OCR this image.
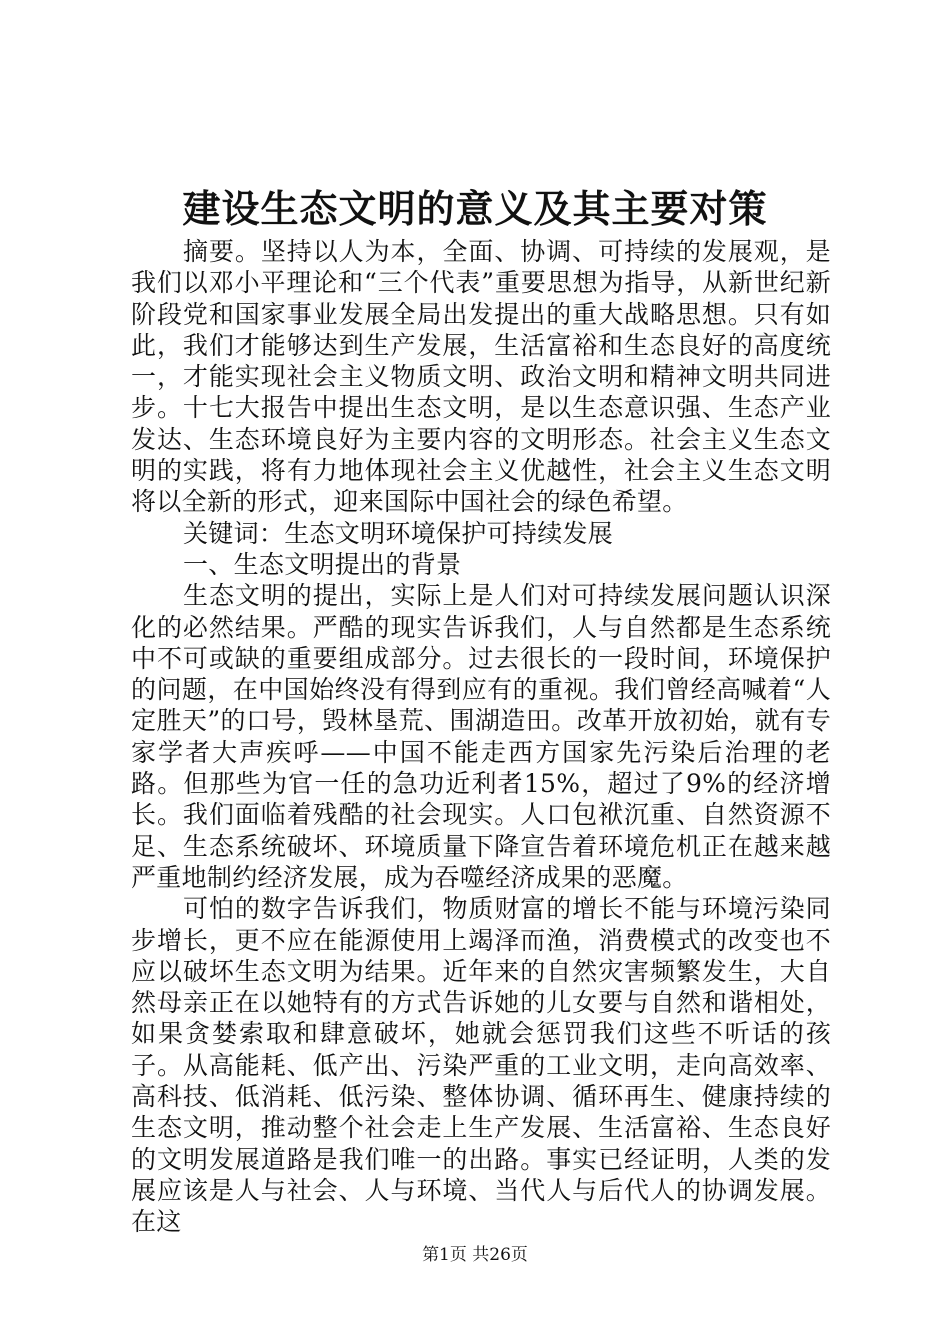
建设生态文明的意义及其主要对策

摘要。坚持以人为本，全面、协调、可持续的发展观，是我们以邓小平理论和“三个代表”重要思想为指导，从新世纪新阶段党和国家事业发展全局出发提出的重大战略思想。只有如此，我们才能够达到生产发展，生活富裕和生态良好的高度统一，才能实现社会主义物质文明、政治文明和精神文明共同进步。十七大报告中提出生态文明，是以生态意识强、生态产业发达、生态环境良好为主要内容的文明形态。社会主义生态文明的实践，将有力地体现社会主义优越性，社会主义生态文明将以全新的形式，迎来国际中国社会的绿色希望。

关键词：生态文明环境保护可持续发展

一、生态文明提出的背景

生态文明的提出，实际上是人们对可持续发展问题认识深化的必然结果。严酷的现实告诉我们，人与自然都是生态系统中不可或缺的重要组成部分。过去很长的一段时间，环境保护的问题，在中国始终没有得到应有的重视。我们曾经高喊着“人定胜天”的口号，毁林垦荒、围湖造田。改革开放初始，就有专家学者大声疾呼——中国不能走西方国家先污染后治理的老路。但那些为官一任的急功近利者15%，超过了9%的经济增长。我们面临着残酷的社会现实。人口包袱沉重、自然资源不足、生态系统破坏、环境质量下降宣告着环境危机正在越来越严重地制约经济发展，成为吞噬经济成果的恶魔。

可怕的数字告诉我们，物质财富的增长不能与环境污染同步增长，更不应在能源使用上竭泽而渔，消费模式的改变也不应以破坏生态文明为结果。近年来的自然灾害频繁发生，大自然母亲正在以她特有的方式告诉她的儿女要与自然和谐相处，如果贪婪索取和肆意破坏，她就会惩罚我们这些不听话的孩子。从高能耗、低产出、污染严重的工业文明，走向高效率、高科技、低消耗、低污染、整体协调、循环再生、健康持续的生态文明，推动整个社会走上生产发展、生活富裕、生态良好的文明发展道路是我们唯一的出路。事实已经证明，人类的发展应该是人与社会、人与环境、当代人与后代人的协调发展。在这

第1页 共26页
